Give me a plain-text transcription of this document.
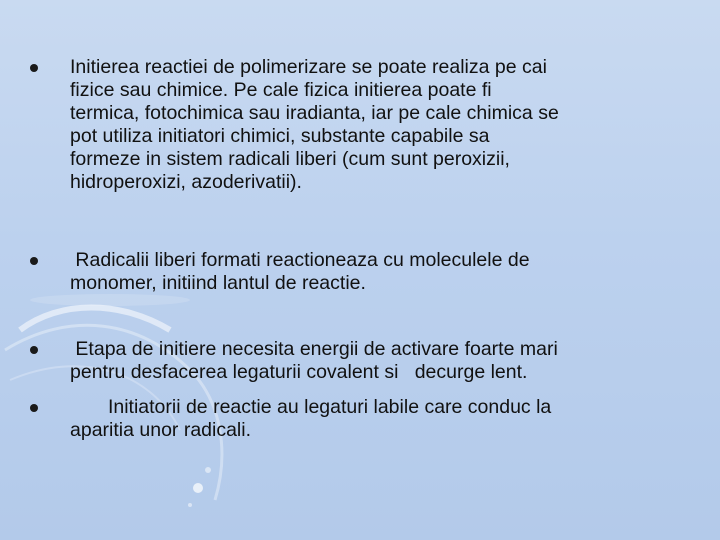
Initierea reactiei de polimerizare se poate realiza pe cai
fizice sau chimice. Pe cale fizica initierea poate fi
termica, fotochimica sau iradianta, iar pe cale chimica se
pot utiliza initiatori chimici, substante capabile sa
formeze in sistem radicali liberi (cum sunt peroxizii,
hidroperoxizi, azoderivatii).

Radicalii liberi formati reactioneaza cu moleculele de
monomer, initiind lantul de reactie.

Etapa de initiere necesita energii de activare foarte mari
pentru desfacerea legaturii covalent si   decurge lent.

Initiatorii de reactie au legaturi labile care conduc la
aparitia unor radicali.
